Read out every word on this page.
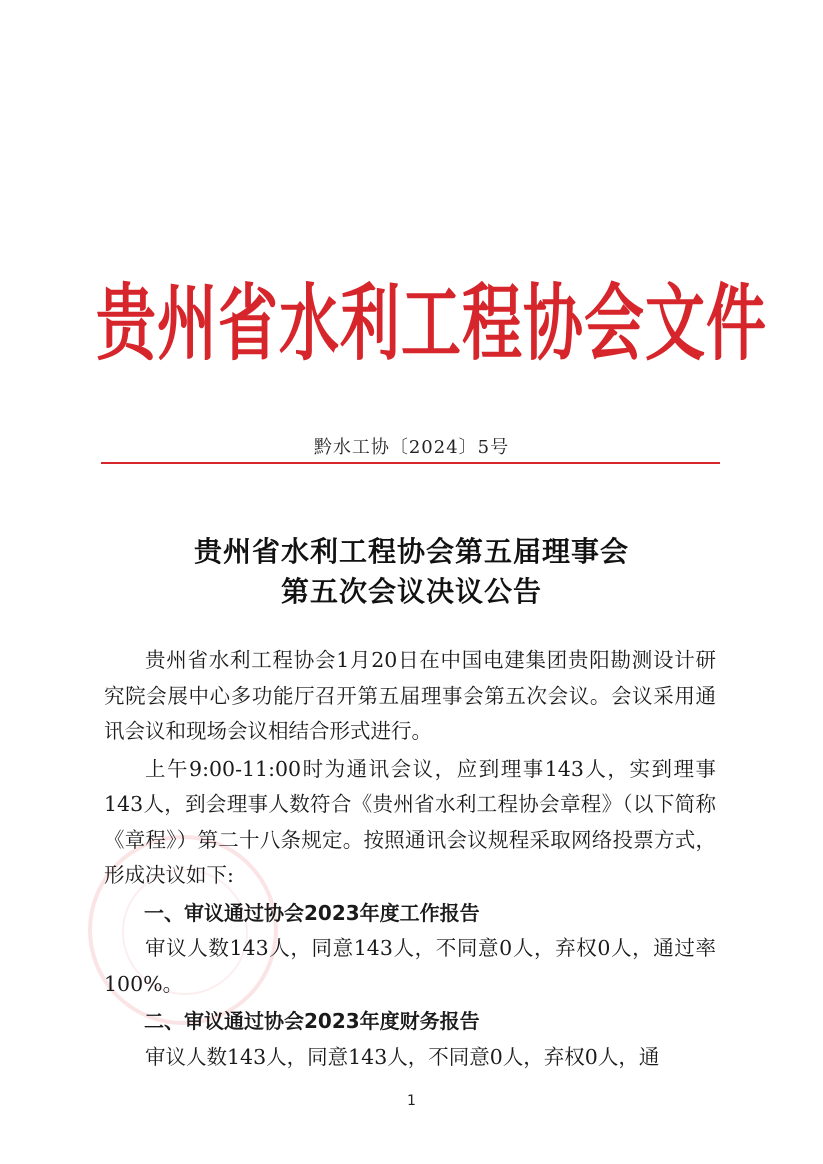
贵州省水利工程协会文件
黔水工协〔2024〕5号
贵州省水利工程协会第五届理事会
第五次会议决议公告

贵州省水利工程协会1月20日在中国电建集团贵阳勘测设计研究院会展中心多功能厅召开第五届理事会第五次会议。会议采用通讯会议和现场会议相结合形式进行。

上午9:00-11:00时为通讯会议，应到理事143人，实到理事143人，到会理事人数符合《贵州省水利工程协会章程》（以下简称《章程》）第二十八条规定。按照通讯会议规程采取网络投票方式，形成决议如下:

一、审议通过协会2023年度工作报告

审议人数143人，同意143人，不同意0人，弃权0人，通过率100%。

二、审议通过协会2023年度财务报告

审议人数143人，同意143人，不同意0人，弃权0人，通

1
